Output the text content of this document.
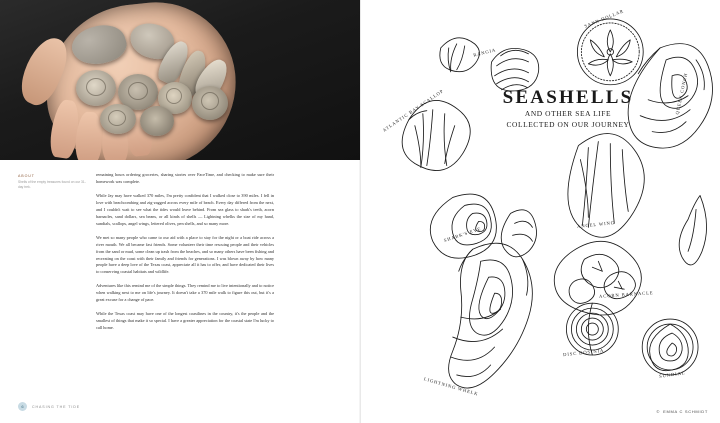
ABOUT
Shells of the empty treasures found on our 31-day trek.

remaining hours ordering groceries, sharing stories over FaceTime, and checking to make sure their homework was complete.

While Jay may have walked 370 miles, I'm pretty confident that I walked close to 390 miles. I fell in love with beachcombing and zig-zagged across every mile of beach. Every day differed from the next, and I couldn't wait to see what the tides would leave behind. From sea glass to shark's teeth, acorn barnacles, sand dollars, sea beans, or all kinds of shells — Lightning whelks the size of my hand, sundials, scallops, angel wings, lettered olives, pen shells, and so many more.

We met so many people who came to our aid with a place to stay for the night or a boat ride across a river mouth. We all became fast friends. Some volunteer their time rescuing people and their vehicles from the sand or mud, some clean up trash from the beaches, and so many others have been fishing and recreating on the coast with their family and friends for generations. I was blown away by how many people have a deep love of the Texas coast, appreciate all it has to offer, and have dedicated their lives to conserving coastal habitats and wildlife.

Adventures like this remind me of the simple things. They remind me to live intentionally and to notice when walking next to me on life's journey. It doesn't take a 370 mile walk to figure this out, but it's a great excuse for a change of pace.

While the Texas coast may have one of the longest coastlines in the country, it's the people and the smallest of things that make it so special. I have a greater appreciation for the coastal state I'm lucky to call home.

6	CHASING THE TIDE
SEASHELLS
AND OTHER SEA LIFE
COLLECTED ON OUR JOURNEY
SAND DOLLAR
RANGIA
ATLANTIC BAY SCALLOP	QUEEN CONCH
ANGEL WING
SHARK'S EYE
ACORN BARNACLE
DISC DOSINIA
SUNDIAL
LIGHTNING WHELK
© EMMA C SCHMIDT
